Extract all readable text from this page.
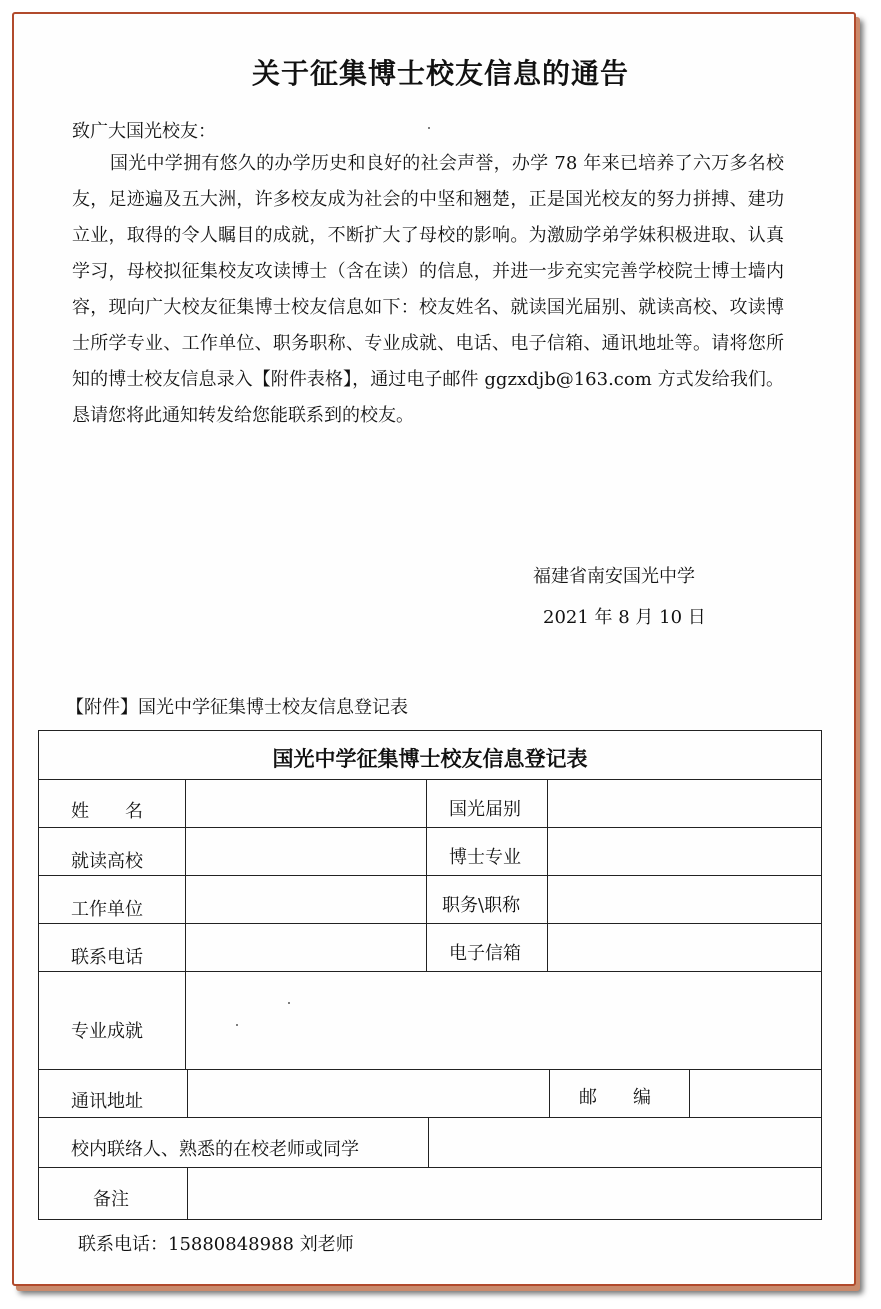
关于征集博士校友信息的通告
致广大国光校友：

国光中学拥有悠久的办学历史和良好的社会声誉，办学 78 年来已培养了六万多名校友，足迹遍及五大洲，许多校友成为社会的中坚和翘楚，正是国光校友的努力拼搏、建功立业，取得的令人瞩目的成就，不断扩大了母校的影响。为激励学弟学妹积极进取、认真学习，母校拟征集校友攻读博士（含在读）的信息，并进一步充实完善学校院士博士墙内容，现向广大校友征集博士校友信息如下：校友姓名、就读国光届别、就读高校、攻读博士所学专业、工作单位、职务职称、专业成就、电话、电子信箱、通讯地址等。请将您所知的博士校友信息录入【附件表格】，通过电子邮件 ggzxdjb@163.com 方式发给我们。恳请您将此通知转发给您能联系到的校友。

福建省南安国光中学
2021 年 8 月 10 日
【附件】国光中学征集博士校友信息登记表
国光中学征集博士校友信息登记表
姓　　名	国光届别
就读高校	博士专业
工作单位	职务\职称
联系电话	电子信箱
专业成就
通讯地址	邮　　编
校内联络人、熟悉的在校老师或同学
备注
联系电话：15880848988 刘老师
